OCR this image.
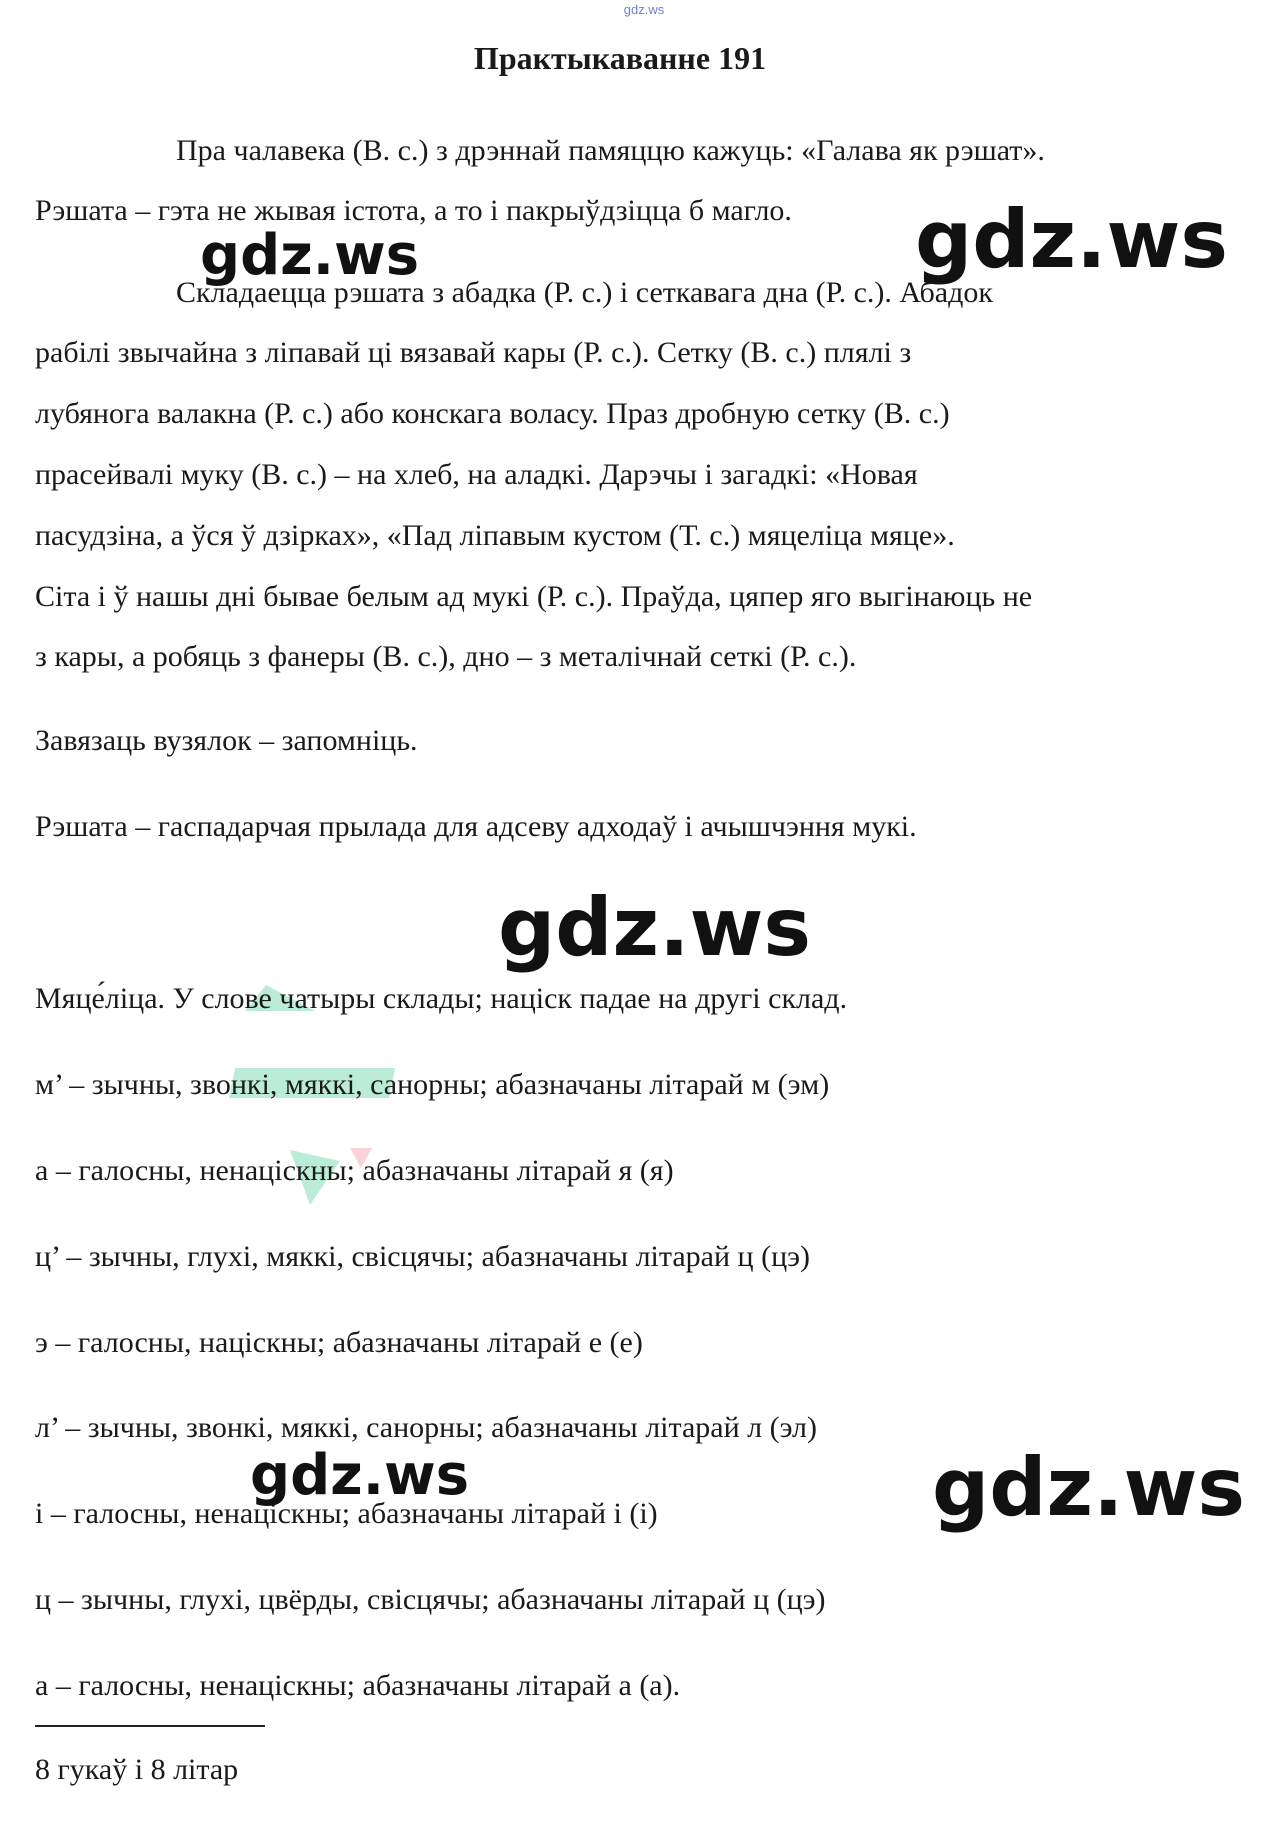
gdz.ws
Практыкаванне 191
Пра чалавека (В. с.) з дрэннай памяццю кажуць: «Галава як рэшат».
Рэшата – гэта не жывая істота, а то і пакрыўдзіцца б магло.
Складаецца рэшата з абадка (Р. с.) і сеткавага дна (Р. с.). Абадок
рабілі звычайна з ліпавай ці вязавай кары (Р. с.). Сетку (В. с.) плялі з
лубянога валакна (Р. с.) або конскага воласу. Праз дробную сетку (В. с.)
прасейвалі муку (В. с.) – на хлеб, на аладкі. Дарэчы і загадкі: «Новая
пасудзіна, а ўся ў дзірках», «Пад ліпавым кустом (Т. с.) мяцеліца мяце».
Сіта і ў нашы дні бывае белым ад мукі (Р. с.). Праўда, цяпер яго выгінаюць не
з кары, а робяць з фанеры (В. с.), дно – з металічнай сеткі (Р. с.).
Завязаць вузялок – запомніць.
Рэшата – гаспадарчая прылада для адсеву адходаў і ачышчэння мукі.
Мяце́ліца. У слове чатыры склады; націск падае на другі склад.
м’ – зычны, звонкі, мяккі, санорны; абазначаны літарай м (эм)
а – галосны, ненаціскны; абазначаны літарай я (я)
ц’ – зычны, глухі, мяккі, свісцячы; абазначаны літарай ц (цэ)
э – галосны, націскны; абазначаны літарай е (е)
л’ – зычны, звонкі, мяккі, санорны; абазначаны літарай л (эл)
і – галосны, ненаціскны; абазначаны літарай і (і)
ц – зычны, глухі, цвёрды, свісцячы; абазначаны літарай ц (цэ)
а – галосны, ненаціскны; абазначаны літарай а (а).
8 гукаў і 8 літар
gdz.ws	gdz.ws
gdz.ws
gdz.ws	gdz.ws
